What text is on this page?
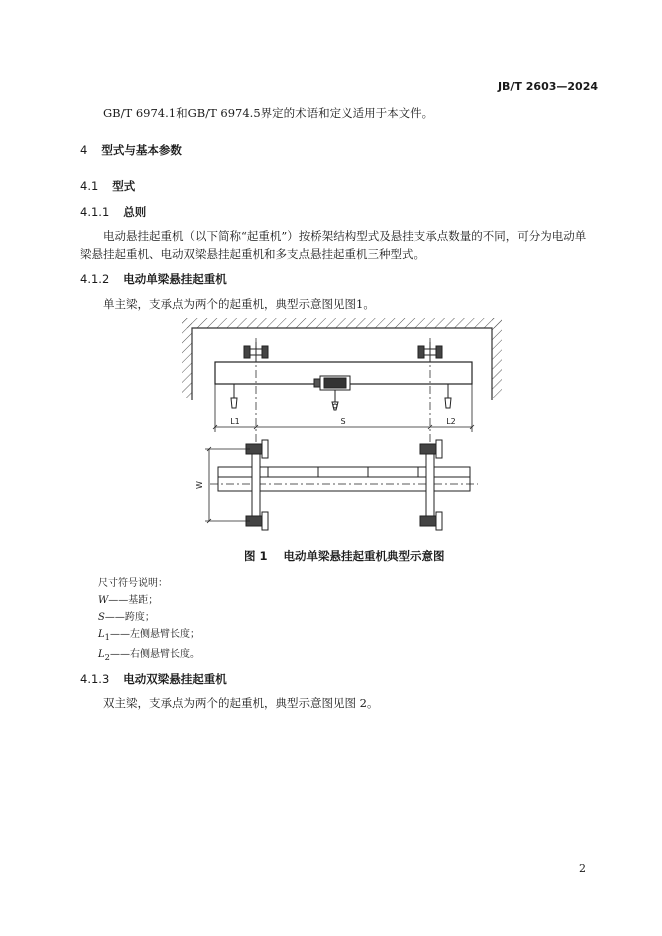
JB/T 2603—2024
GB/T 6974.1和GB/T 6974.5界定的术语和定义适用于本文件。
4 型式与基本参数
4.1 型式
4.1.1 总则
电动悬挂起重机（以下简称“起重机”）按桥架结构型式及悬挂支承点数量的不同，可分为电动单
梁悬挂起重机、电动双梁悬挂起重机和多支点悬挂起重机三种型式。
4.1.2 电动单梁悬挂起重机
单主梁，支承点为两个的起重机，典型示意图见图1。
L1	S	L2
W
图 1 电动单梁悬挂起重机典型示意图
尺寸符号说明：
W——基距；
S——跨度；
$L_1——$左侧悬臂长度；
$L_2——$右侧悬臂长度。
4.1.3 电动双梁悬挂起重机
双主梁，支承点为两个的起重机，典型示意图见图 2。
2
